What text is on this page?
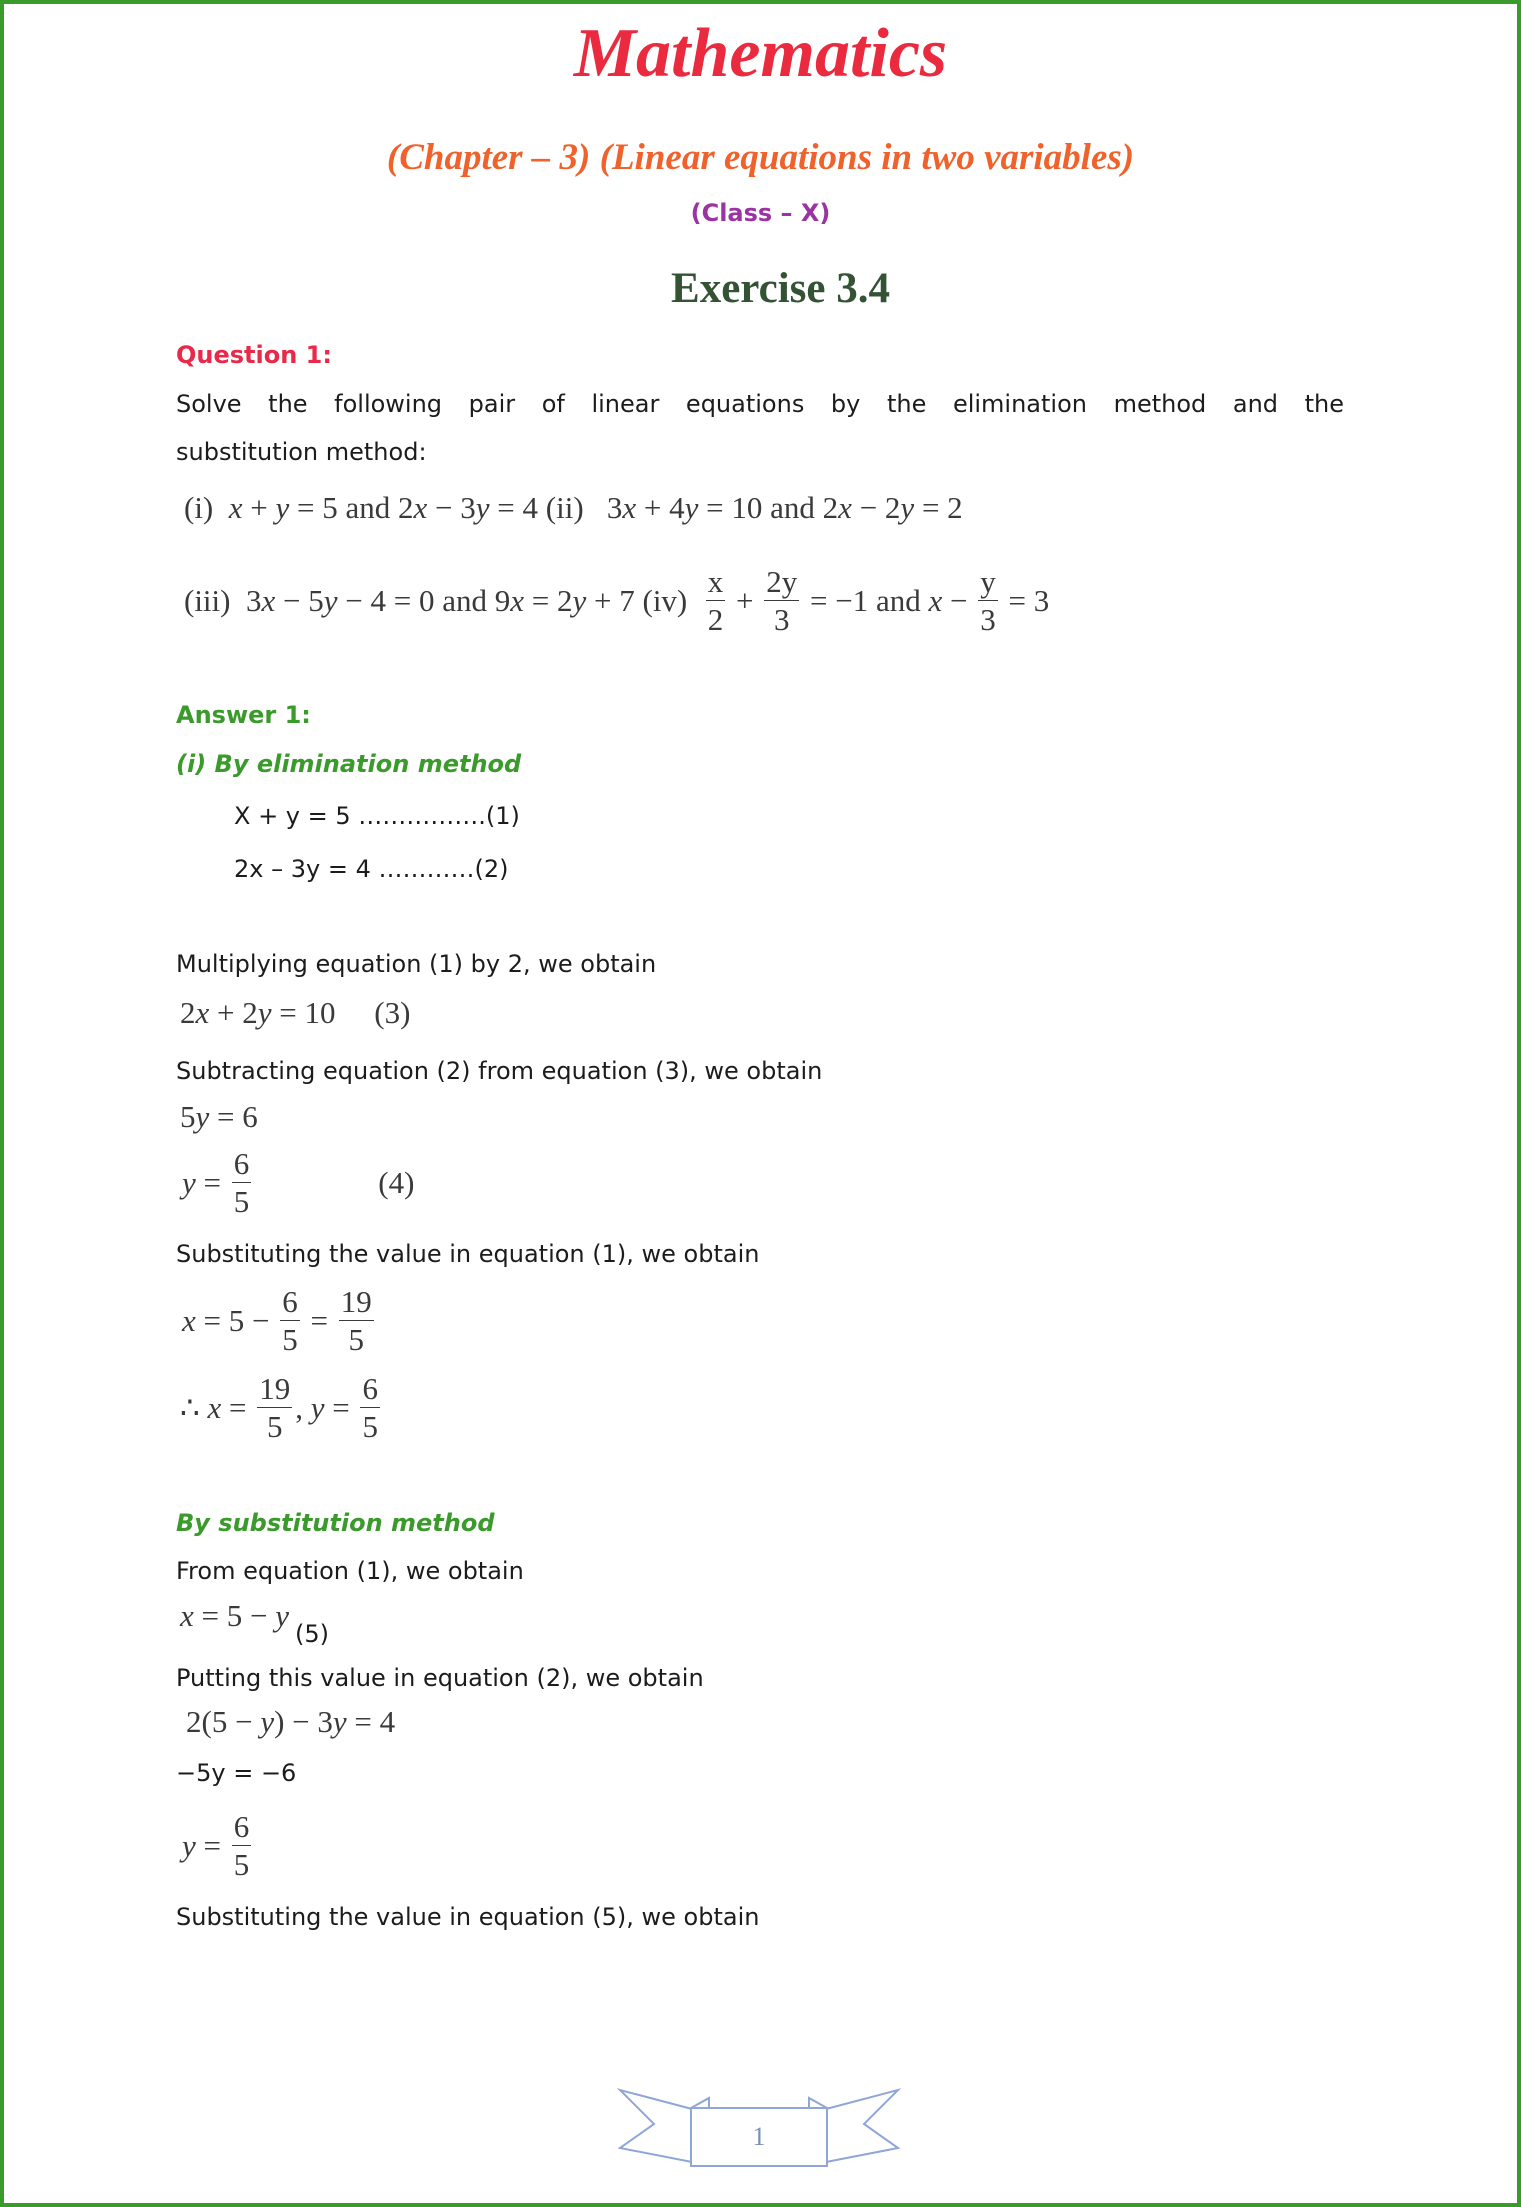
Mathematics
(Chapter – 3) (Linear equations in two variables)
(Class – X)
Exercise 3.4
Question 1:
Solve the following pair of linear equations by the elimination method and the
substitution method:
(i) x + y = 5 and 2 x − 3 y = 4 (ii)   3 x + 4 y = 10 and 2 x − 2 y = 2
(iii)  3 x − 5 y − 4 = 0 and 9 x = 2 y + 7 $(iv) \frac{x}{2} + \frac{2y}{3} = -1$ and $x - \frac{y}{3} = 3$
Answer 1:
(i) By elimination method
X + y = 5 …………….(1)
2x – 3y = 4 …………(2)
Multiplying equation (1) by 2, we obtain
2 x + 2 y = 10     (3)
Subtracting equation (2) from equation (3), we obtain
5 y = 6
$y = \frac{6}{5} (4)$
Substituting the value in equation (1), we obtain
$x = 5 - \frac{6}{5} = \frac{19}{5}$
∴ $x = \frac{19}{5}$ , $y = \frac{6}{5}$
By substitution method
From equation (1), we obtain
x = 5 − y
(5)
Putting this value in equation (2), we obtain
2(5 − y ) − 3 y = 4
−5y = −6
$y = \frac{6}{5}$
Substituting the value in equation (5), we obtain
1
